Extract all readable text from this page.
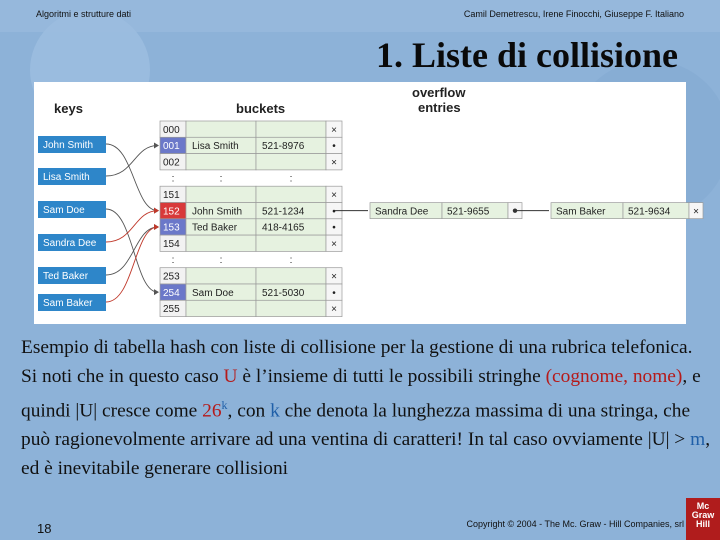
Algoritmi e strutture dati	Camil Demetrescu, Irene Finocchi, Giuseppe F. Italiano
1. Liste di collisione
keys	buckets
overflow
entries
000	×
001 Lisa Smith 521-8976	•
002	×
:	:	:
151	×
152 John Smith 521-1234	•
153 Ted Baker 418-4165	•
154	×
:	:	:
253	×
254 Sam Doe	521-5030	•
255	×
John Smith
Lisa Smith
Sam Doe
Sandra Dee
Ted Baker
Sam Baker
Sandra Dee 521-9655	Sam Baker 521-9634 ×
Esempio di tabella hash con liste di collisione per la gestione di una rubrica telefonica. Si noti che in questo caso U è l’insieme di tutti le possibili stringhe (cognome, nome), e quindi |U| cresce come 26$^k$, con k che denota la lunghezza massima di una stringa, che può ragionevolmente arrivare ad una ventina di caratteri! In tal caso ovviamente |U| > m, ed è inevitabile generare collisioni
18	Copyright © 2004 - The Mc. Graw - Hill Companies, srl
Mc
Graw
Hill
